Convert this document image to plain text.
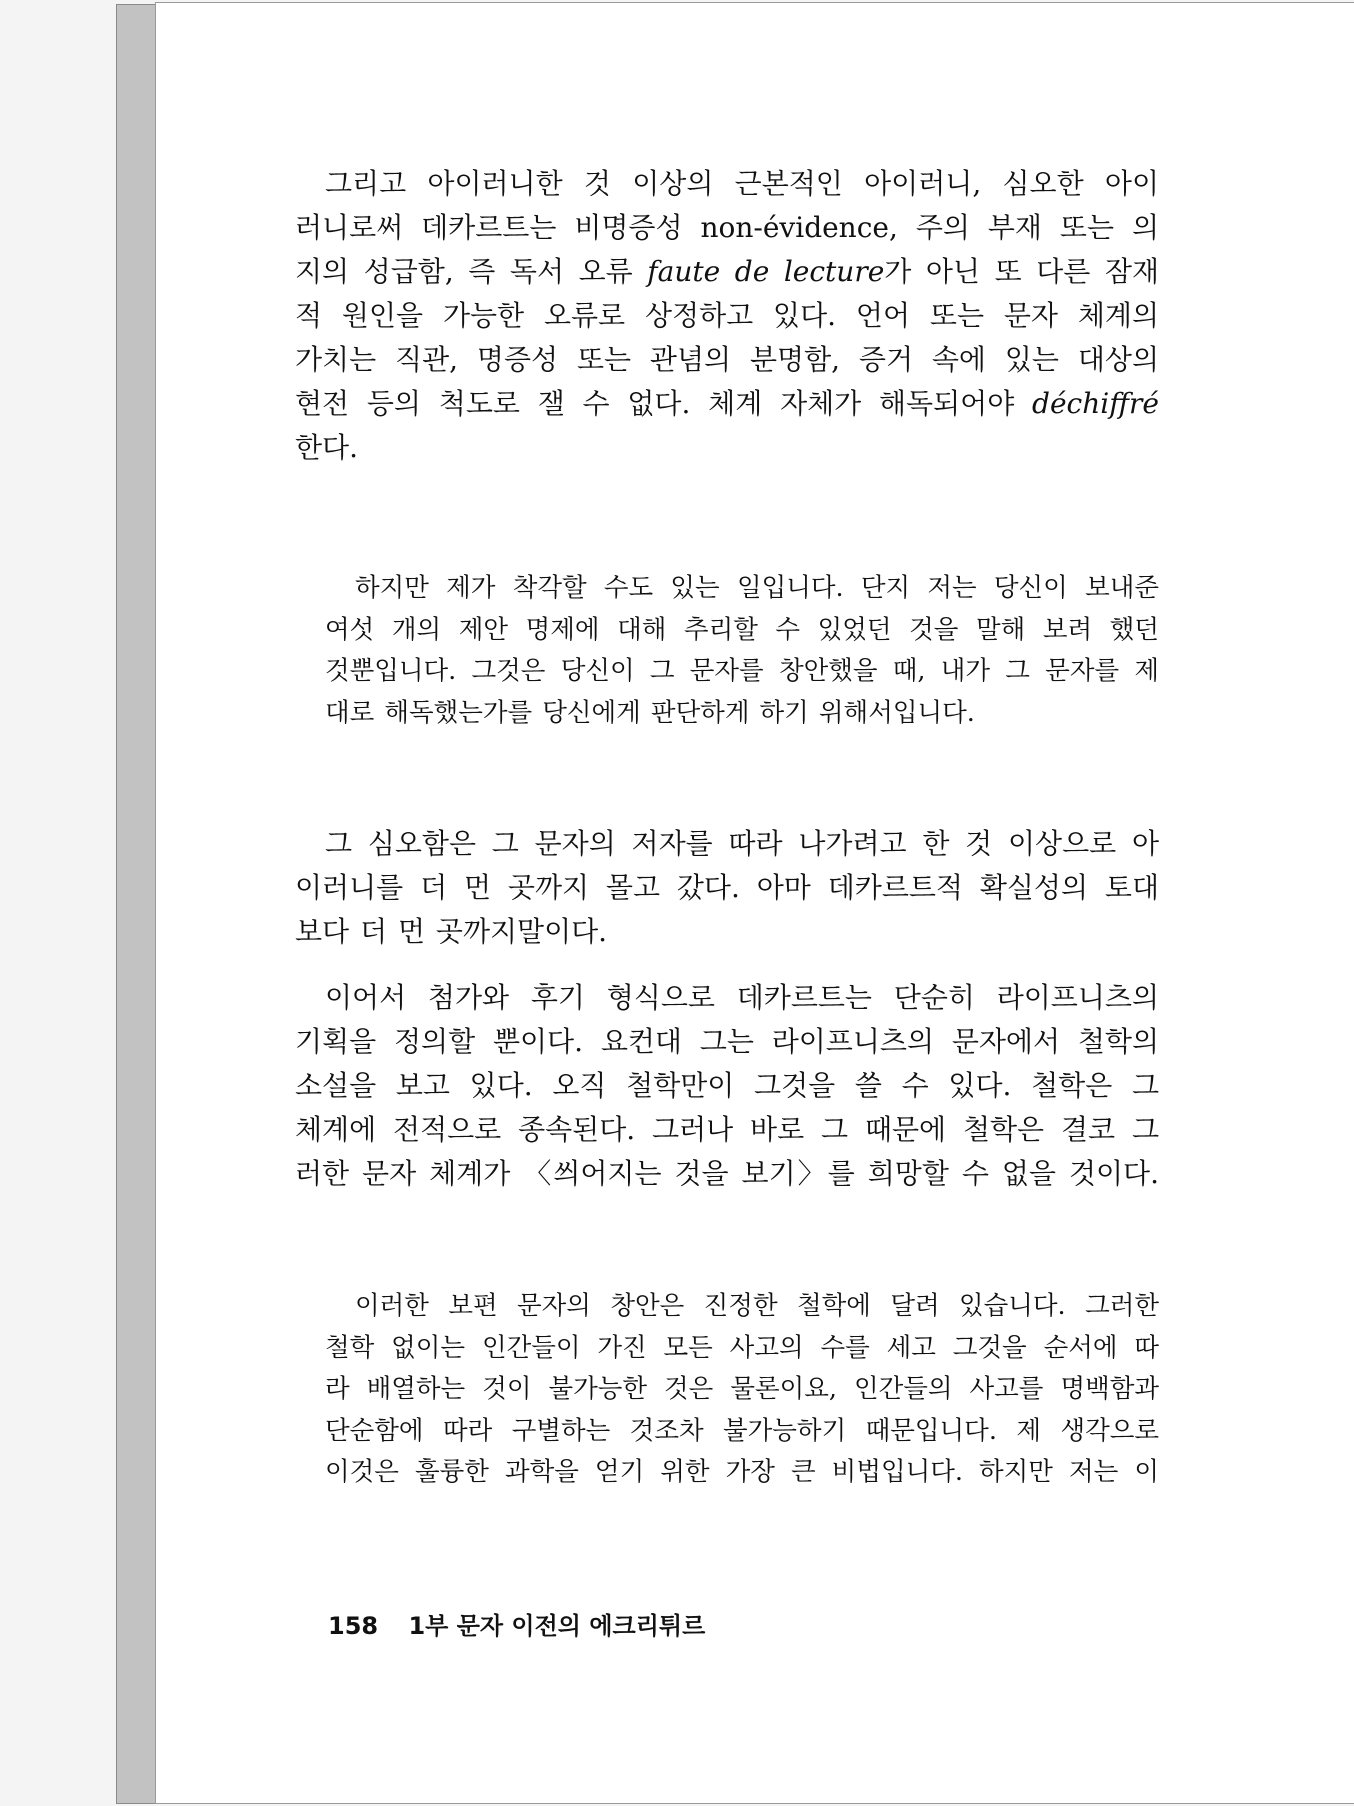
그리고 아이러니한 것 이상의 근본적인 아이러니, 심오한 아이
러니로써 데카르트는 비명증성 non-évidence, 주의 부재 또는 의
지의 성급함, 즉 독서 오류 faute de lecture가 아닌 또 다른 잠재
적 원인을 가능한 오류로 상정하고 있다. 언어 또는 문자 체계의
가치는 직관, 명증성 또는 관념의 분명함, 증거 속에 있는 대상의
현전 등의 척도로 잴 수 없다. 체계 자체가 해독되어야 déchiffré
한다.
하지만 제가 착각할 수도 있는 일입니다. 단지 저는 당신이 보내준
여섯 개의 제안 명제에 대해 추리할 수 있었던 것을 말해 보려 했던
것뿐입니다. 그것은 당신이 그 문자를 창안했을 때, 내가 그 문자를 제
대로 해독했는가를 당신에게 판단하게 하기 위해서입니다.
그 심오함은 그 문자의 저자를 따라 나가려고 한 것 이상으로 아
이러니를 더 먼 곳까지 몰고 갔다. 아마 데카르트적 확실성의 토대
보다 더 먼 곳까지말이다.
이어서 첨가와 후기 형식으로 데카르트는 단순히 라이프니츠의
기획을 정의할 뿐이다. 요컨대 그는 라이프니츠의 문자에서 철학의
소설을 보고 있다. 오직 철학만이 그것을 쓸 수 있다. 철학은 그
체계에 전적으로 종속된다. 그러나 바로 그 때문에 철학은 결코 그
러한 문자 체계가 〈씌어지는 것을 보기〉를 희망할 수 없을 것이다.
이러한 보편 문자의 창안은 진정한 철학에 달려 있습니다. 그러한
철학 없이는 인간들이 가진 모든 사고의 수를 세고 그것을 순서에 따
라 배열하는 것이 불가능한 것은 물론이요, 인간들의 사고를 명백함과
단순함에 따라 구별하는 것조차 불가능하기 때문입니다. 제 생각으로
이것은 훌륭한 과학을 얻기 위한 가장 큰 비법입니다. 하지만 저는 이
158 1부 문자 이전의 에크리튀르
